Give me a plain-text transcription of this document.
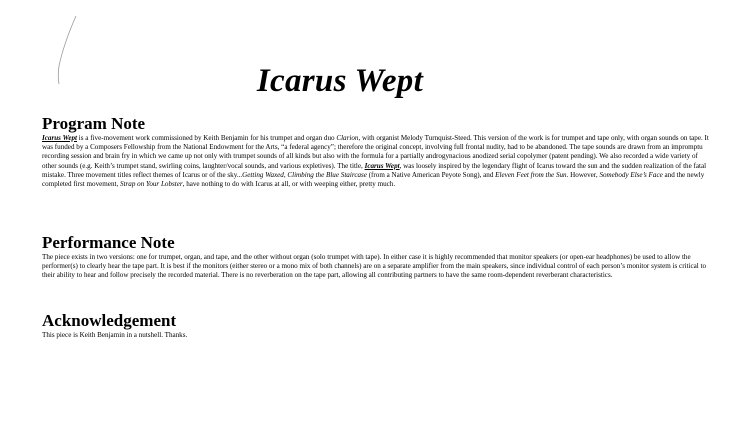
Icarus Wept
Program Note

Icarus Wept is a five-movement work commissioned by Keith Benjamin for his trumpet and organ duo Clarion, with organist Melody Turnquist-Steed. This version of the work is for trumpet and tape only, with organ sounds on tape. It was funded by a Composers Fellowship from the National Endowment for the Arts, “a federal agency”; therefore the original concept, involving full frontal nudity, had to be abandoned. The tape sounds are drawn from an impromptu recording session and brain fry in which we came up not only with trumpet sounds of all kinds but also with the formula for a partially androgynacious anodized serial copolymer (patent pending). We also recorded a wide variety of other sounds (e.g. Keith’s trumpet stand, swirling coins, laughter/vocal sounds, and various expletives). The title, Icarus Wept, was loosely inspired by the legendary flight of Icarus toward the sun and the sudden realization of the fatal mistake. Three movement titles reflect themes of Icarus or of the sky...Getting Waxed, Climbing the Blue Staircase (from a Native American Peyote Song), and Eleven Feet from the Sun. However, Somebody Else’s Face and the newly completed first movement, Strap on Your Lobster, have nothing to do with Icarus at all, or with weeping either, pretty much.

Performance Note

The piece exists in two versions: one for trumpet, organ, and tape, and the other without organ (solo trumpet with tape). In either case it is highly recommended that monitor speakers (or open-ear headphones) be used to allow the performer(s) to clearly hear the tape part. It is best if the monitors (either stereo or a mono mix of both channels) are on a separate amplifier from the main speakers, since individual control of each person’s monitor system is critical to their ability to hear and follow precisely the recorded material. There is no reverberation on the tape part, allowing all contributing partners to have the same room-dependent reverberant characteristics.

Acknowledgement

This piece is Keith Benjamin in a nutshell. Thanks.
